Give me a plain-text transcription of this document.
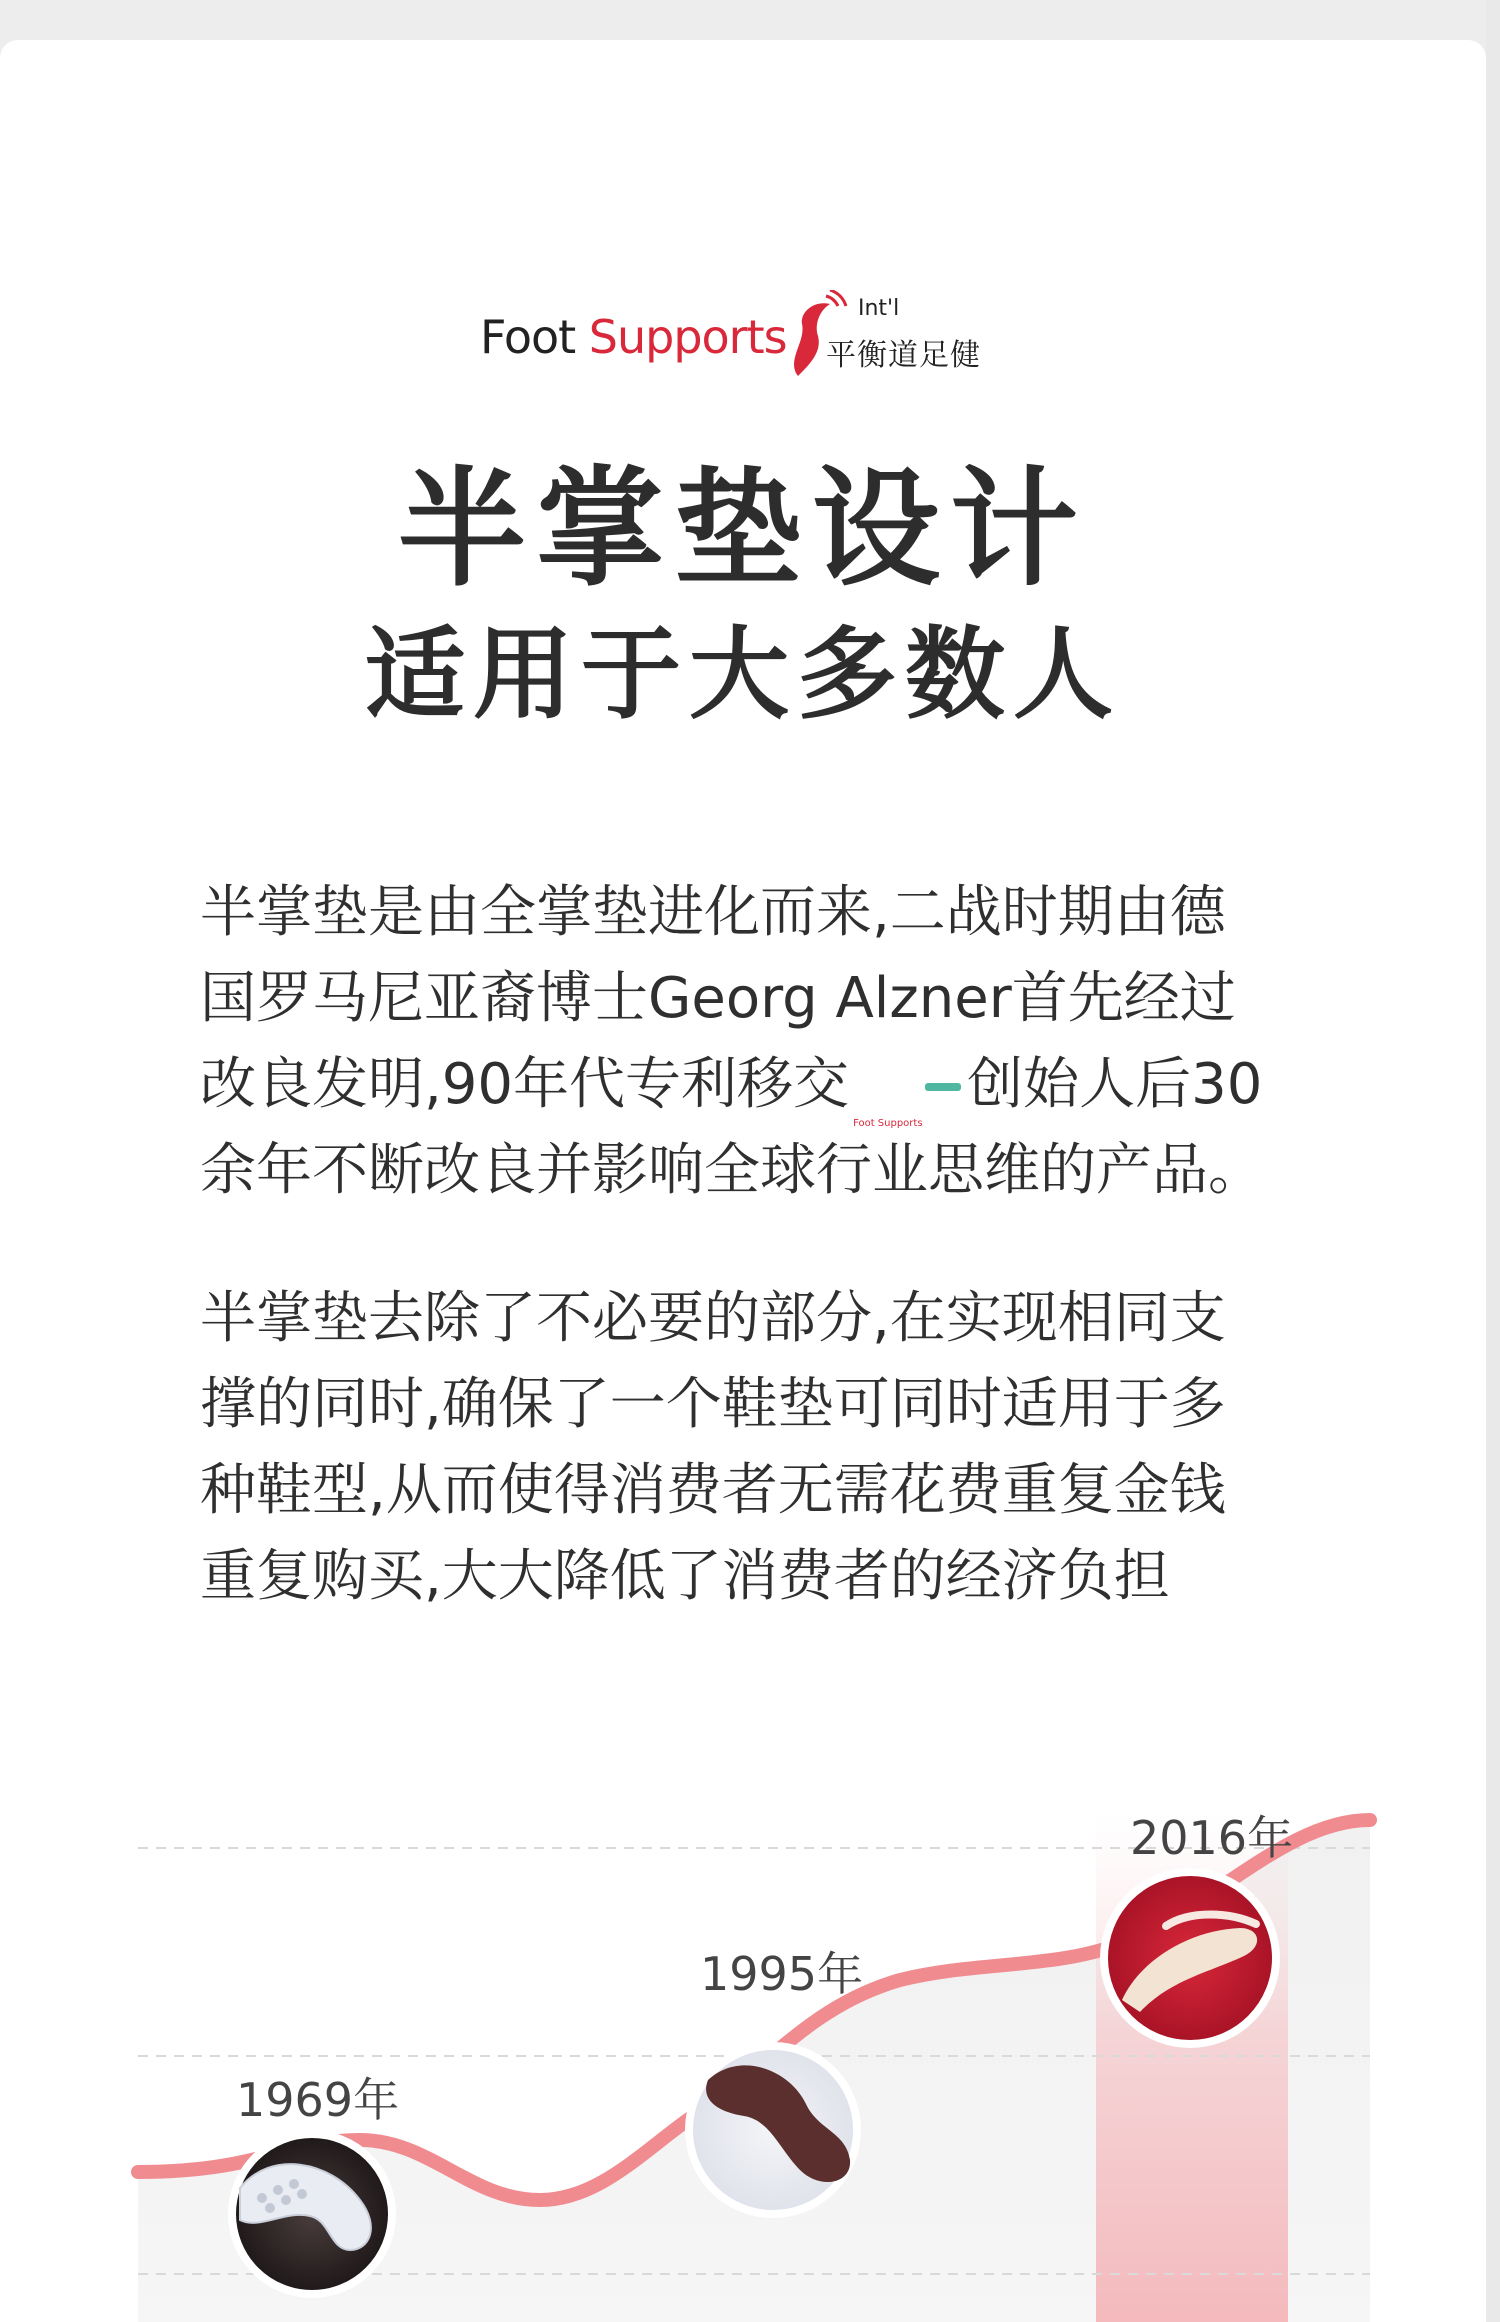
Foot Supports
Int'l
平衡道足健
半掌垫设计
适用于大多数人
半掌垫是由全掌垫进化而来,二战时期由德
国罗马尼亚裔博士Georg Alzner首先经过
改良发明,90年代专利移交
Foot Supports
创始人后30
余年不断改良并影响全球行业思维的产品。
半掌垫去除了不必要的部分,在实现相同支
撑的同时,确保了一个鞋垫可同时适用于多
种鞋型,从而使得消费者无需花费重复金钱
重复购买,大大降低了消费者的经济负担
1969年
1995年
2016年
